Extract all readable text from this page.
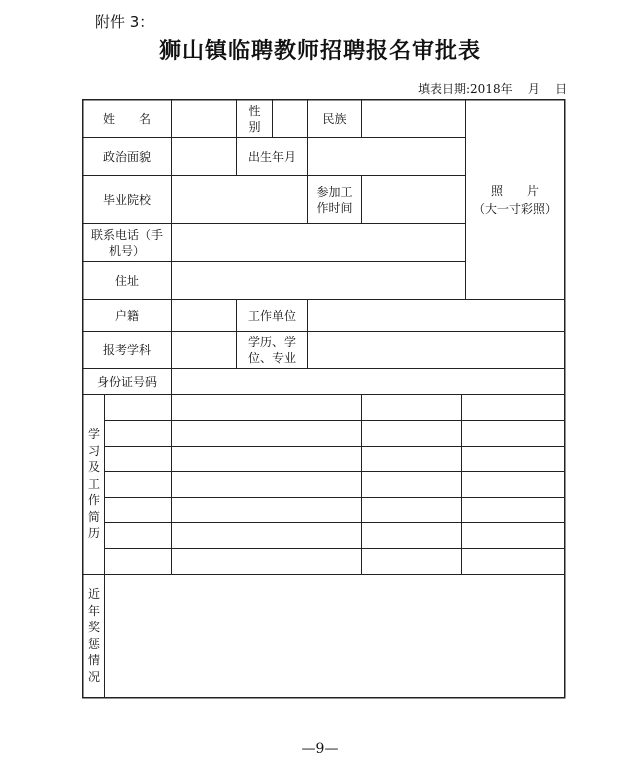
附件 3：
狮山镇临聘教师招聘报名审批表
填表日期:2018年    月    日
姓　　名
性
别
民族
照　　片
（大一寸彩照）
政治面貌	出生年月
毕业院校
参加工
作时间
联系电话（手
机号）
住址
户籍	工作单位
报考学科
学历、学
位、专业
身份证号码
学习及工作简历
近年奖惩情况
—9—
